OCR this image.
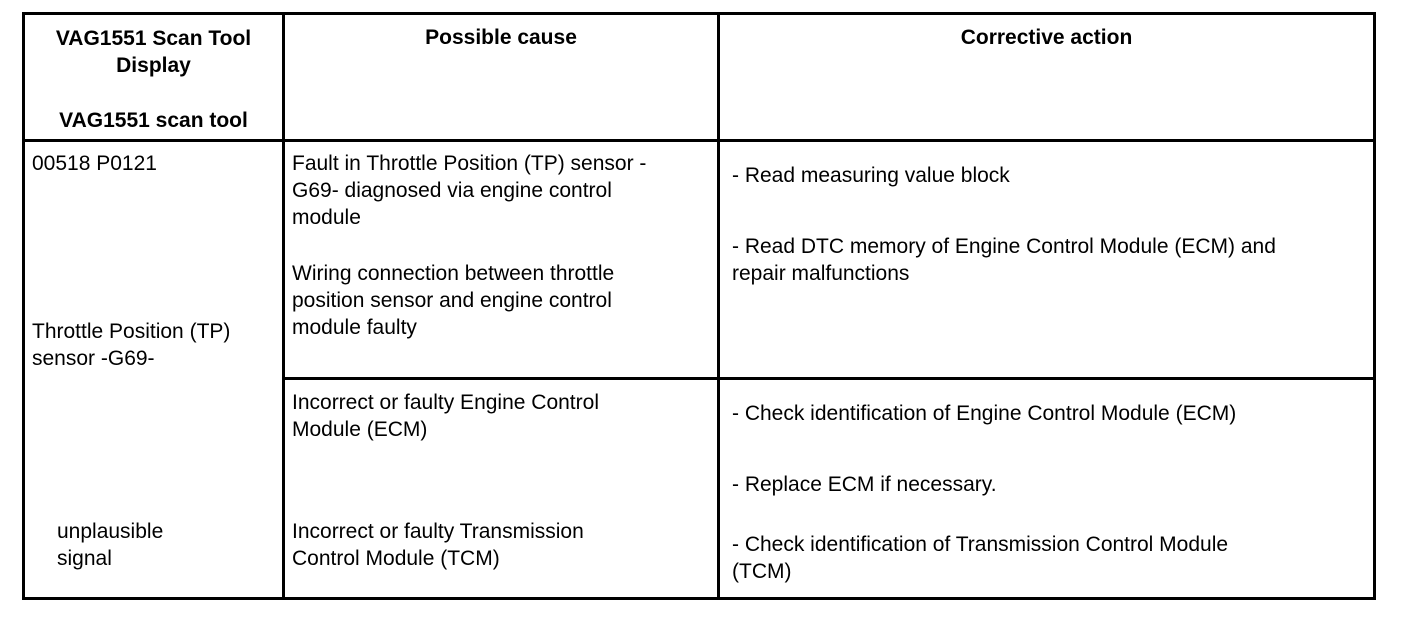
VAG1551 Scan Tool
Display
VAG1551 scan tool
Possible cause	Corrective action
00518 P0121
Throttle Position (TP)
sensor -G69-
unplausible
signal
Fault in Throttle Position (TP) sensor -
G69- diagnosed via engine control
module
Wiring connection between throttle
position sensor and engine control
module faulty
Incorrect or faulty Engine Control
Module (ECM)
Incorrect or faulty Transmission
Control Module (TCM)
- Read measuring value block
- Read DTC memory of Engine Control Module (ECM) and
repair malfunctions
- Check identification of Engine Control Module (ECM)
- Replace ECM if necessary.
- Check identification of Transmission Control Module
(TCM)
